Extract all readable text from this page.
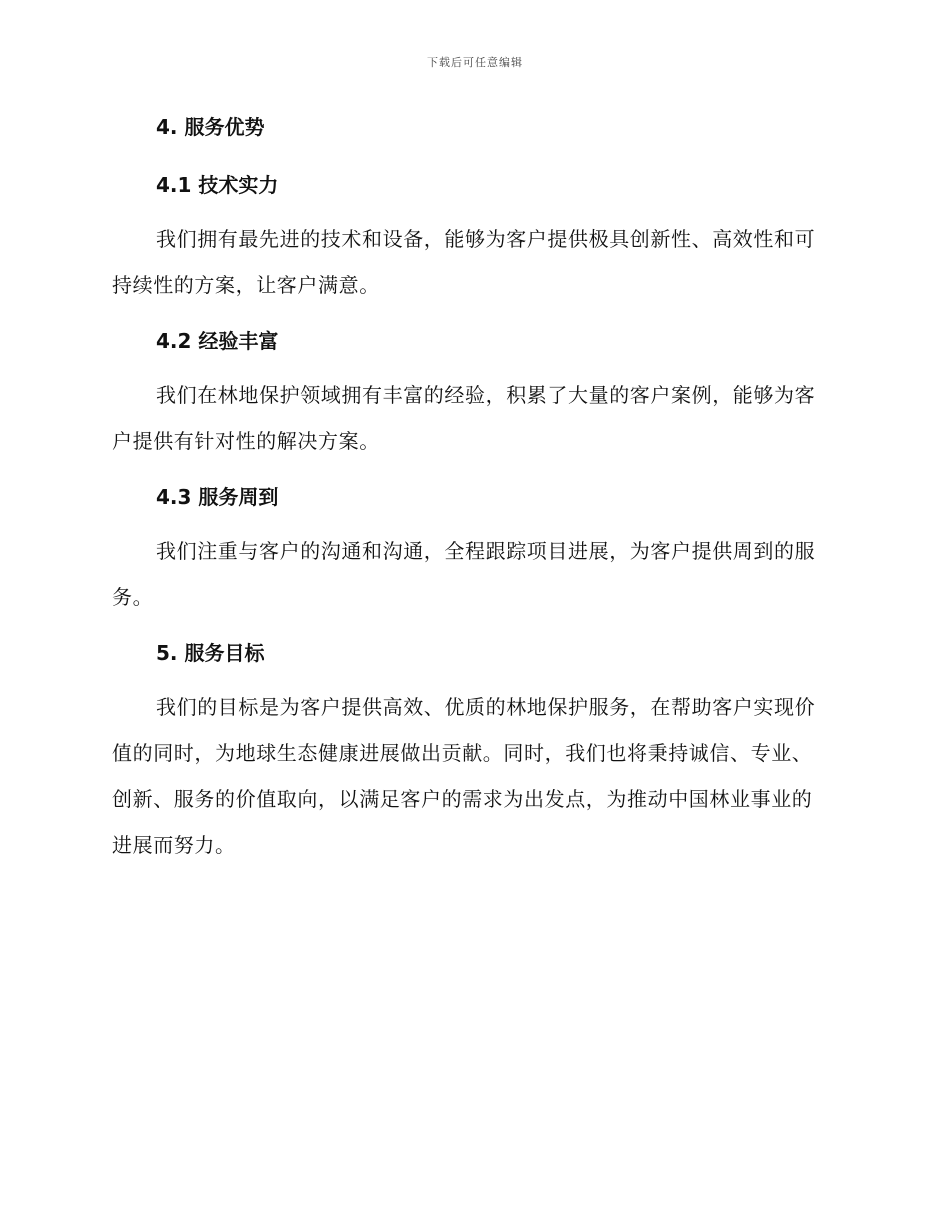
下载后可任意编辑
4. 服务优势
4.1 技术实力

我们拥有最先进的技术和设备，能够为客户提供极具创新性、高效性和可持续性的方案，让客户满意。

4.2 经验丰富

我们在林地保护领域拥有丰富的经验，积累了大量的客户案例，能够为客户提供有针对性的解决方案。

4.3 服务周到

我们注重与客户的沟通和沟通，全程跟踪项目进展，为客户提供周到的服务。

5. 服务目标

我们的目标是为客户提供高效、优质的林地保护服务，在帮助客户实现价值的同时，为地球生态健康进展做出贡献。同时，我们也将秉持诚信、专业、创新、服务的价值取向，以满足客户的需求为出发点，为推动中国林业事业的进展而努力。
